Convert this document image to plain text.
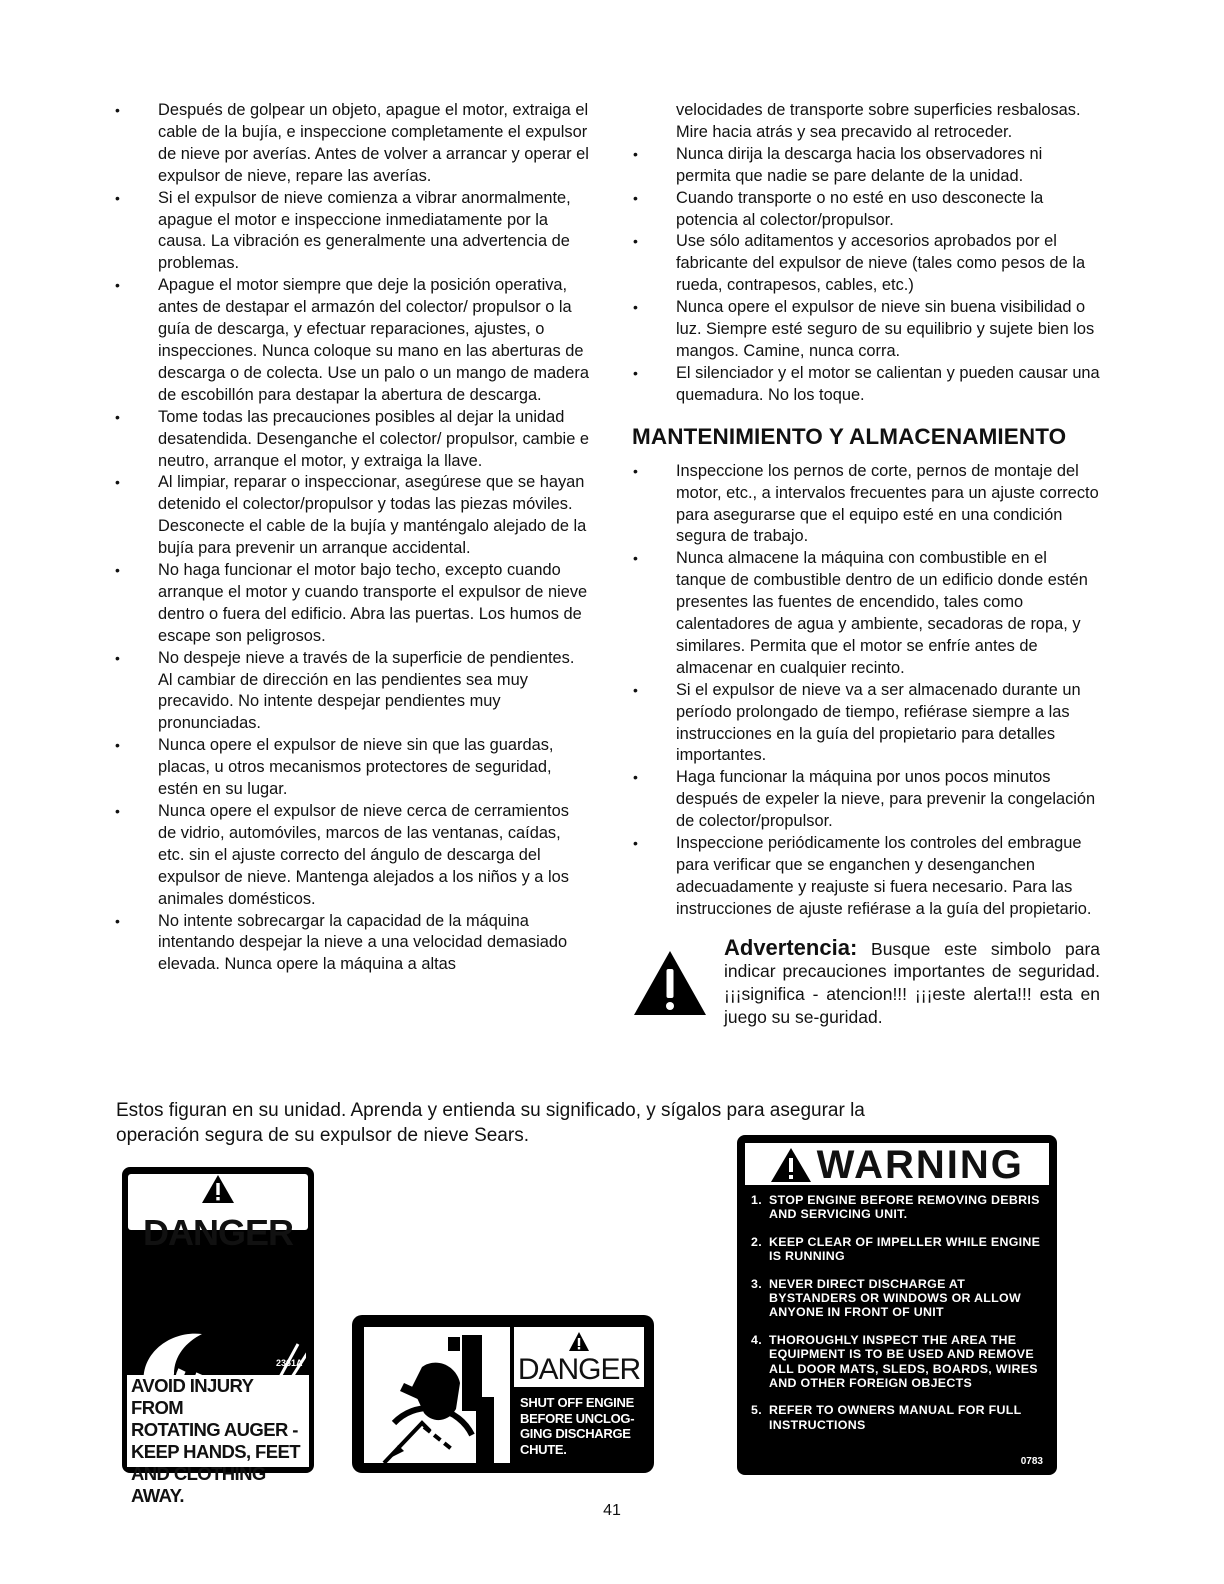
• Después de golpear un objeto, apague el motor, extraiga el cable de la bujía, e inspeccione completamente el expulsor de nieve por averías. Antes de volver a arrancar y operar el expulsor de nieve, repare las averías.
• Si el expulsor de nieve comienza a vibrar anormalmente, apague el motor e inspeccione inmediatamente por la causa. La vibración es generalmente una advertencia de problemas.
• Apague el motor siempre que deje la posición operativa, antes de destapar el armazón del colector/ propulsor o la guía de descarga, y efectuar reparaciones, ajustes, o inspecciones. Nunca coloque su mano en las aberturas de descarga o de colecta. Use un palo o un mango de madera de escobillón para destapar la abertura de descarga.
• Tome todas las precauciones posibles al dejar la unidad desatendida. Desenganche el colector/ propulsor, cambie e neutro, arranque el motor, y extraiga la llave.
• Al limpiar, reparar o inspeccionar, asegúrese que se hayan detenido el colector/propulsor y todas las piezas móviles. Desconecte el cable de la bujía y manténgalo alejado de la bujía para prevenir un arranque accidental.
• No haga funcionar el motor bajo techo, excepto cuando arranque el motor y cuando transporte el expulsor de nieve dentro o fuera del edificio. Abra las puertas. Los humos de escape son peligrosos.
• No despeje nieve a través de la superficie de pendientes. Al cambiar de dirección en las pendientes sea muy precavido. No intente despejar pendientes muy pronunciadas.
• Nunca opere el expulsor de nieve sin que las guardas, placas, u otros mecanismos protectores de seguridad, estén en su lugar.
• Nunca opere el expulsor de nieve cerca de cerramientos de vidrio, automóviles, marcos de las ventanas, caídas, etc. sin el ajuste correcto del ángulo de descarga del expulsor de nieve. Mantenga alejados a los niños y a los animales domésticos.
• No intente sobrecargar la capacidad de la máquina intentando despejar la nieve a una velocidad demasiado elevada. Nunca opere la máquina a altas

velocidades de transporte sobre superficies resbalosas. Mire hacia atrás y sea precavido al retroceder.

• Nunca dirija la descarga hacia los observadores ni permita que nadie se pare delante de la unidad.
• Cuando transporte o no esté en uso desconecte la potencia al colector/propulsor.
• Use sólo aditamentos y accesorios aprobados por el fabricante del expulsor de nieve (tales como pesos de la rueda, contrapesos, cables, etc.)
• Nunca opere el expulsor de nieve sin buena visibilidad o luz. Siempre esté seguro de su equilibrio y sujete bien los mangos. Camine, nunca corra.
• El silenciador y el motor se calientan y pueden causar una quemadura. No los toque.
MANTENIMIENTO Y ALMACENAMIENTO
• Inspeccione los pernos de corte, pernos de montaje del motor, etc., a intervalos frecuentes para un ajuste correcto para asegurarse que el equipo esté en una condición segura de trabajo.
• Nunca almacene la máquina con combustible en el tanque de combustible dentro de un edificio donde estén presentes las fuentes de encendido, tales como calentadores de agua y ambiente, secadoras de ropa, y similares. Permita que el motor se enfríe antes de almacenar en cualquier recinto.
• Si el expulsor de nieve va a ser almacenado durante un período prolongado de tiempo, refiérase siempre a las instrucciones en la guía del propietario para detalles importantes.
• Haga funcionar la máquina por unos pocos minutos después de expeler la nieve, para prevenir la congelación de colector/propulsor.
• Inspeccione periódicamente los controles del embrague para verificar que se enganchen y desenganchen adecuadamente y reajuste si fuera necesario. Para las instrucciones de ajuste refiérase a la guía del propietario.
Advertencia: Busque este simbolo para indicar precauciones importantes de seguridad. ¡¡¡significa - atencion!!! ¡¡¡este alerta!!! esta en juego su se-guridad.
Estos figuran en su unidad. Aprenda y entienda su significado, y sígalos para asegurar la operación segura de su expulsor de nieve Sears.
DANGER
2361A
AVOID INJURY FROM
ROTATING AUGER -
KEEP HANDS, FEET
AND CLOTHING AWAY.
DANGER
SHUT OFF ENGINE
BEFORE UNCLOG-
GING DISCHARGE
CHUTE.
WARNING
1. STOP ENGINE BEFORE REMOVING DEBRIS AND SERVICING UNIT.
2. KEEP CLEAR OF IMPELLER WHILE ENGINE IS RUNNING
3. NEVER DIRECT DISCHARGE AT BYSTANDERS OR WINDOWS OR ALLOW ANYONE IN FRONT OF UNIT
4. THOROUGHLY INSPECT THE AREA THE EQUIPMENT IS TO BE USED AND REMOVE ALL DOOR MATS, SLEDS, BOARDS, WIRES AND OTHER FOREIGN OBJECTS
5. REFER TO OWNERS MANUAL FOR FULL INSTRUCTIONS
0783
41
